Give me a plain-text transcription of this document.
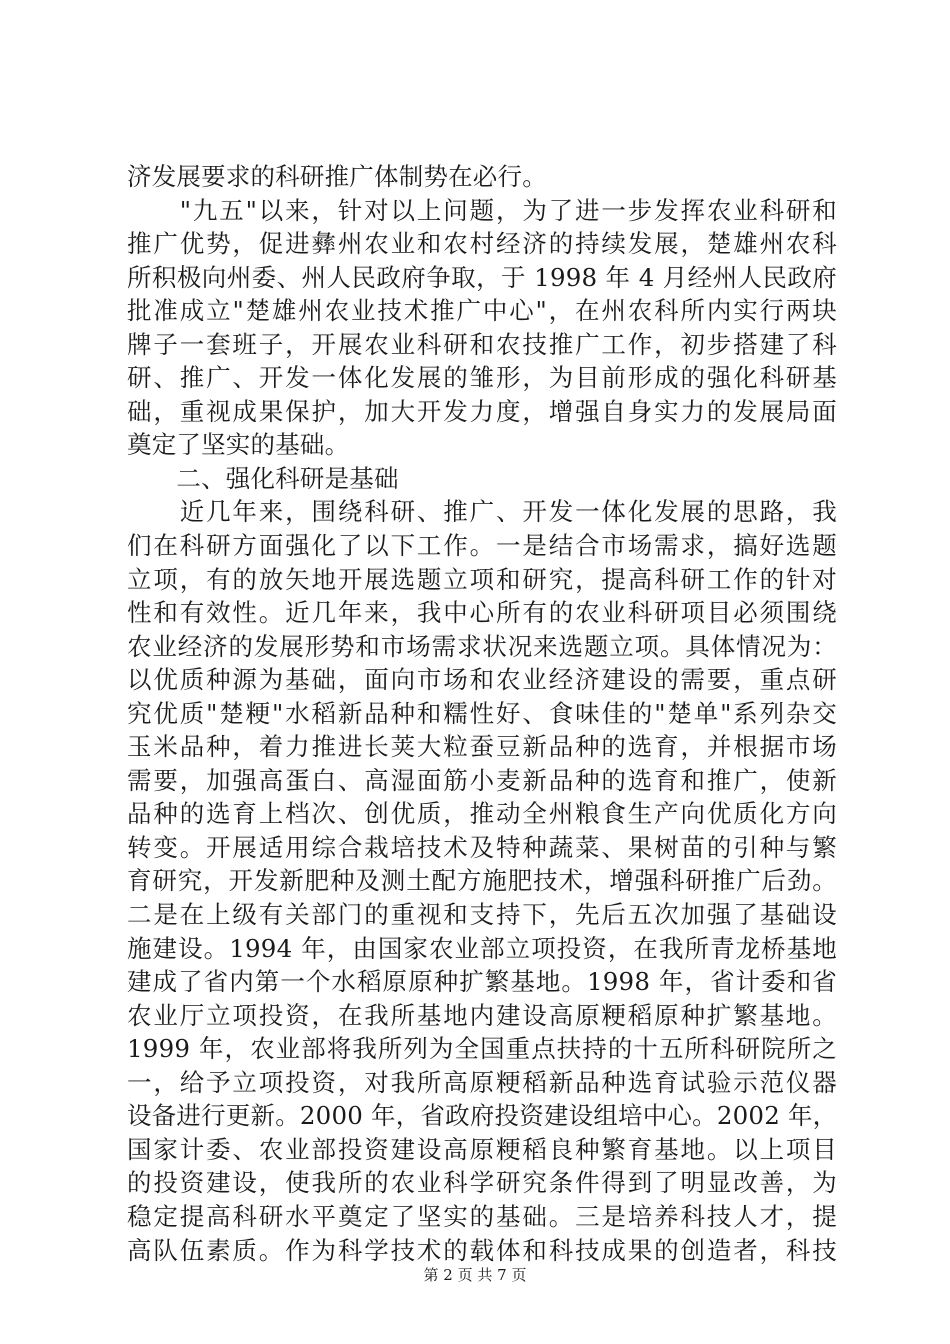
济发展要求的科研推广体制势在必行。
　　"九五"以来，针对以上问题，为了进一步发挥农业科研和
推广优势，促进彝州农业和农村经济的持续发展，楚雄州农科
所积极向州委、州人民政府争取，于 1998 年 4 月经州人民政府
批准成立"楚雄州农业技术推广中心"，在州农科所内实行两块
牌子一套班子，开展农业科研和农技推广工作，初步搭建了科
研、推广、开发一体化发展的雏形，为目前形成的强化科研基
础，重视成果保护，加大开发力度，增强自身实力的发展局面
奠定了坚实的基础。
　　二、强化科研是基础
　　近几年来，围绕科研、推广、开发一体化发展的思路，我
们在科研方面强化了以下工作。一是结合市场需求，搞好选题
立项，有的放矢地开展选题立项和研究，提高科研工作的针对
性和有效性。近几年来，我中心所有的农业科研项目必须围绕
农业经济的发展形势和市场需求状况来选题立项。具体情况为：
以优质种源为基础，面向市场和农业经济建设的需要，重点研
究优质"楚粳"水稻新品种和糯性好、食味佳的"楚单"系列杂交
玉米品种，着力推进长荚大粒蚕豆新品种的选育，并根据市场
需要，加强高蛋白、高湿面筋小麦新品种的选育和推广，使新
品种的选育上档次、创优质，推动全州粮食生产向优质化方向
转变。开展适用综合栽培技术及特种蔬菜、果树苗的引种与繁
育研究，开发新肥种及测土配方施肥技术，增强科研推广后劲。
二是在上级有关部门的重视和支持下，先后五次加强了基础设
施建设。1994 年，由国家农业部立项投资，在我所青龙桥基地
建成了省内第一个水稻原原种扩繁基地。1998 年，省计委和省
农业厅立项投资，在我所基地内建设高原粳稻原种扩繁基地。
1999 年，农业部将我所列为全国重点扶持的十五所科研院所之
一，给予立项投资，对我所高原粳稻新品种选育试验示范仪器
设备进行更新。2000 年，省政府投资建设组培中心。2002 年，
国家计委、农业部投资建设高原粳稻良种繁育基地。以上项目
的投资建设，使我所的农业科学研究条件得到了明显改善，为
稳定提高科研水平奠定了坚实的基础。三是培养科技人才，提
高队伍素质。作为科学技术的载体和科技成果的创造者，科技
第 2 页 共 7 页
